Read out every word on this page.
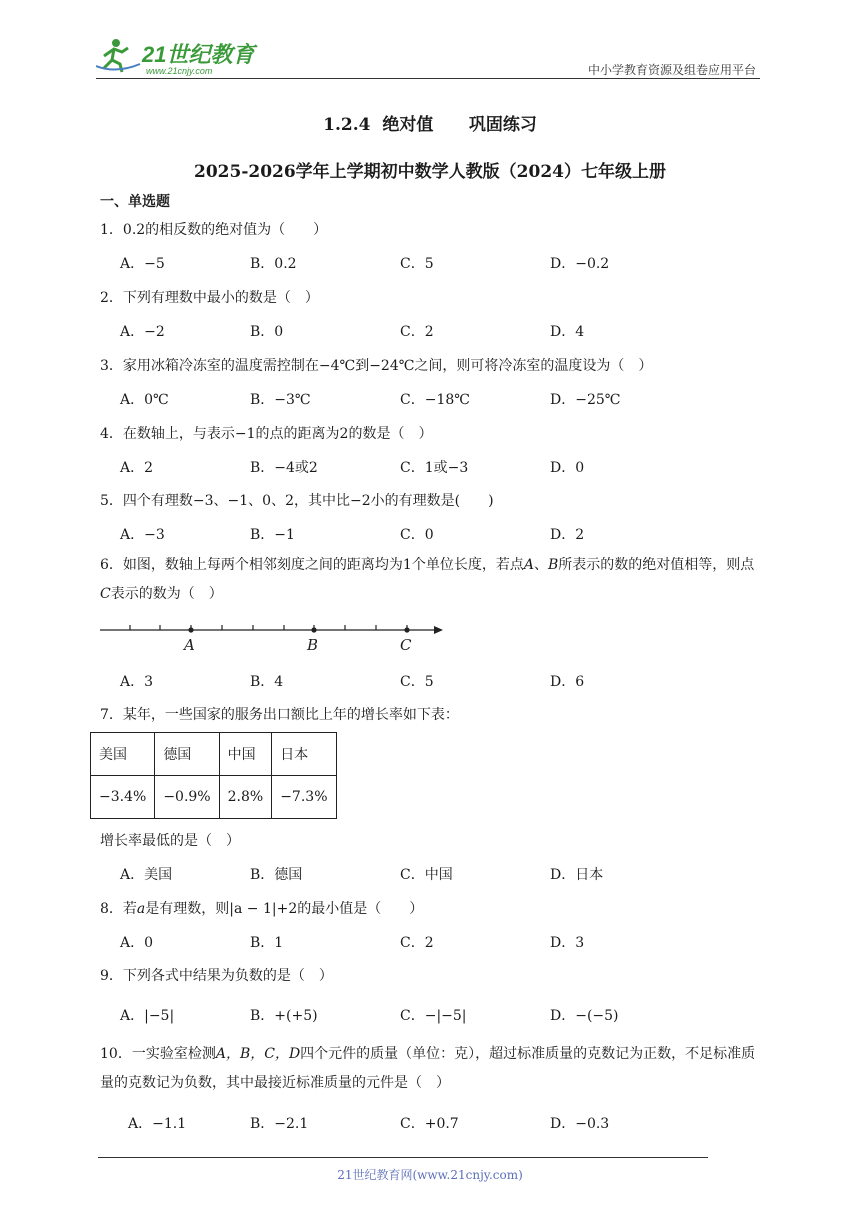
21世纪教育
www.21cnjy.com	中小学教育资源及组卷应用平台
1.2.4  绝对值      巩固练习
2025-2026学年上学期初中数学人教版（2024）七年级上册
一、单选题
1．0.2的相反数的绝对值为（　　）
A．−5	B．0.2	C．5	D．−0.2
2．下列有理数中最小的数是（　）
A．−2	B．0	C．2	D．4
3．家用冰箱冷冻室的温度需控制在−4℃到−24℃之间，则可将冷冻室的温度设为（　）
A．0℃	B．−3℃	C．−18℃	D．−25℃
4．在数轴上，与表示−1的点的距离为2的数是（　）
A．2	B．−4或2	C．1或−3	D．0
5．四个有理数−3、−1、0、2，其中比−2小的有理数是(　　)
A．−3	B．−1	C．0	D．2
6．如图，数轴上每两个相邻刻度之间的距离均为1个单位长度，若点A、B所表示的数的绝对值相等，则点C表示的数为（　）
A	B	C
A．3	B．4	C．5	D．6
7．某年，一些国家的服务出口额比上年的增长率如下表：
美国	德国	中国	日本
−3.4%	−0.9%	2.8%	−7.3%
增长率最低的是（　）
A．美国	B．德国	C．中国	D．日本
8．若a是有理数，则|a − 1|+2的最小值是（　　）
A．0	B．1	C．2	D．3
9．下列各式中结果为负数的是（　）
A．|−5|	B．+(+5)	C．−|−5|	D．−(−5)
10．一实验室检测A，B，C，D四个元件的质量（单位：克），超过标准质量的克数记为正数，不足标准质量的克数记为负数，其中最接近标准质量的元件是（　）
A．−1.1	B．−2.1	C．+0.7	D．−0.3
21世纪教育网(www.21cnjy.com)
